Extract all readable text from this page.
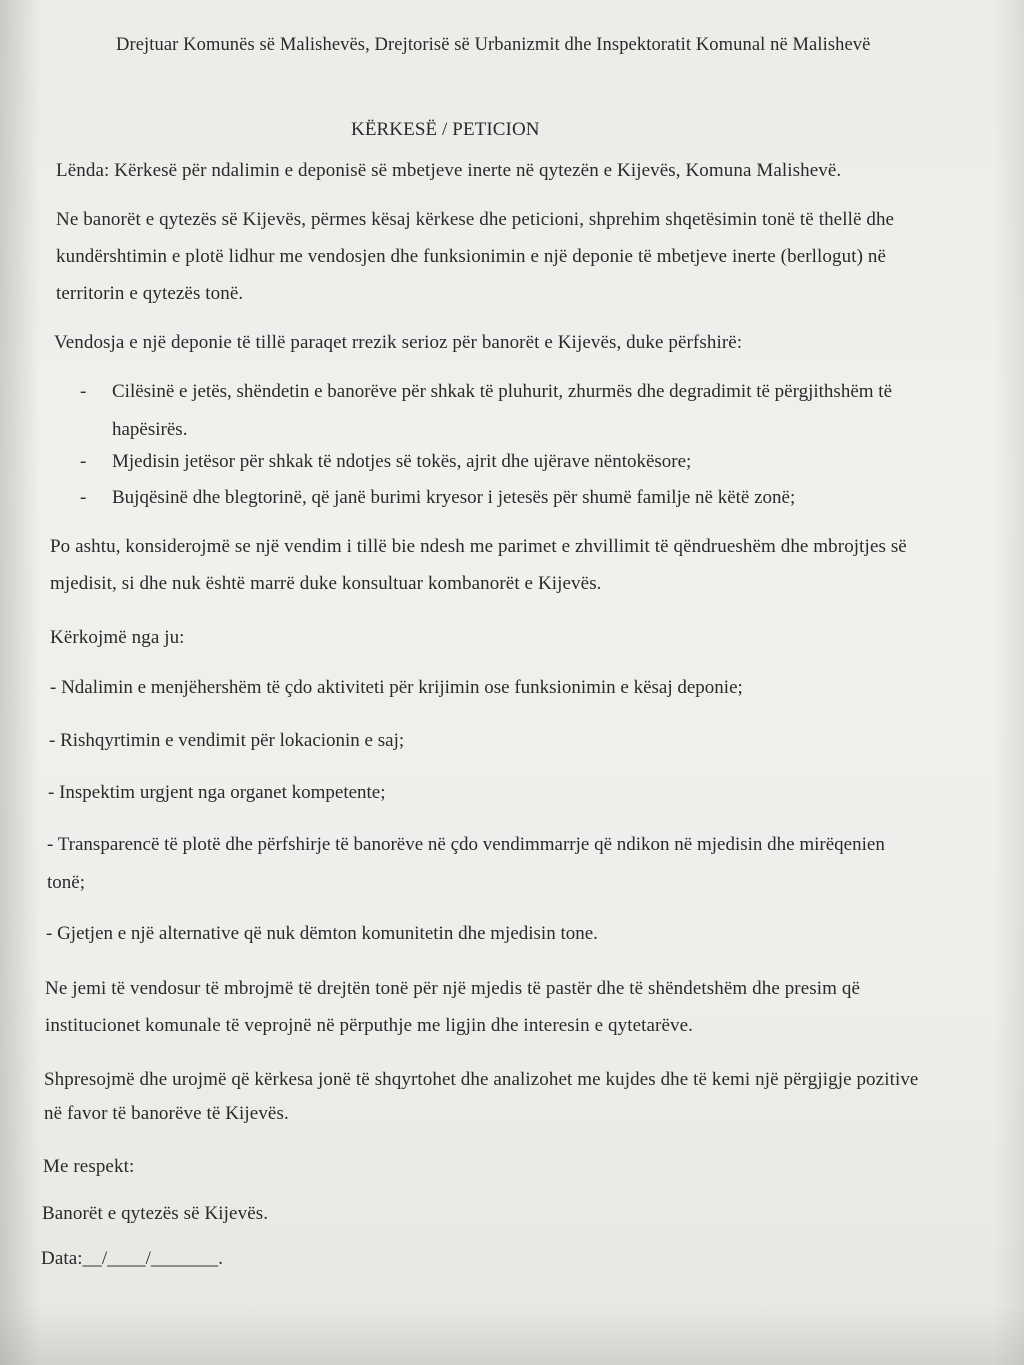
Drejtuar Komunës së Malishevës, Drejtorisë së Urbanizmit dhe Inspektoratit Komunal në Malishevë
KËRKESË / PETICION
Lënda: Kërkesë për ndalimin e deponisë së mbetjeve inerte në qytezën e Kijevës, Komuna Malishevë.
Ne banorët e qytezës së Kijevës, përmes kësaj kërkese dhe peticioni, shprehim shqetësimin tonë të thellë dhe
kundërshtimin e plotë lidhur me vendosjen dhe funksionimin e një deponie të mbetjeve inerte (berllogut) në
territorin e qytezës tonë.
Vendosja e një deponie të tillë paraqet rrezik serioz për banorët e Kijevës, duke përfshirë:
- Cilësinë e jetës, shëndetin e banorëve për shkak të pluhurit, zhurmës dhe degradimit të përgjithshëm të
hapësirës.
- Mjedisin jetësor për shkak të ndotjes së tokës, ajrit dhe ujërave nëntokësore;
- Bujqësinë dhe blegtorinë, që janë burimi kryesor i jetesës për shumë familje në këtë zonë;
Po ashtu, konsiderojmë se një vendim i tillë bie ndesh me parimet e zhvillimit të qëndrueshëm dhe mbrojtjes së
mjedisit, si dhe nuk është marrë duke konsultuar kombanorët e Kijevës.
Kërkojmë nga ju:
- Ndalimin e menjëhershëm të çdo aktiviteti për krijimin ose funksionimin e kësaj deponie;
- Rishqyrtimin e vendimit për lokacionin e saj;
- Inspektim urgjent nga organet kompetente;
- Transparencë të plotë dhe përfshirje të banorëve në çdo vendimmarrje që ndikon në mjedisin dhe mirëqenien
tonë;
- Gjetjen e një alternative që nuk dëmton komunitetin dhe mjedisin tone.
Ne jemi të vendosur të mbrojmë të drejtën tonë për një mjedis të pastër dhe të shëndetshëm dhe presim që
institucionet komunale të veprojnë në përputhje me ligjin dhe interesin e qytetarëve.
Shpresojmë dhe urojmë që kërkesa jonë të shqyrtohet dhe analizohet me kujdes dhe të kemi një përgjigje pozitive
në favor të banorëve të Kijevës.
Me respekt:
Banorët e qytezës së Kijevës.
Data:__/____/_______.
